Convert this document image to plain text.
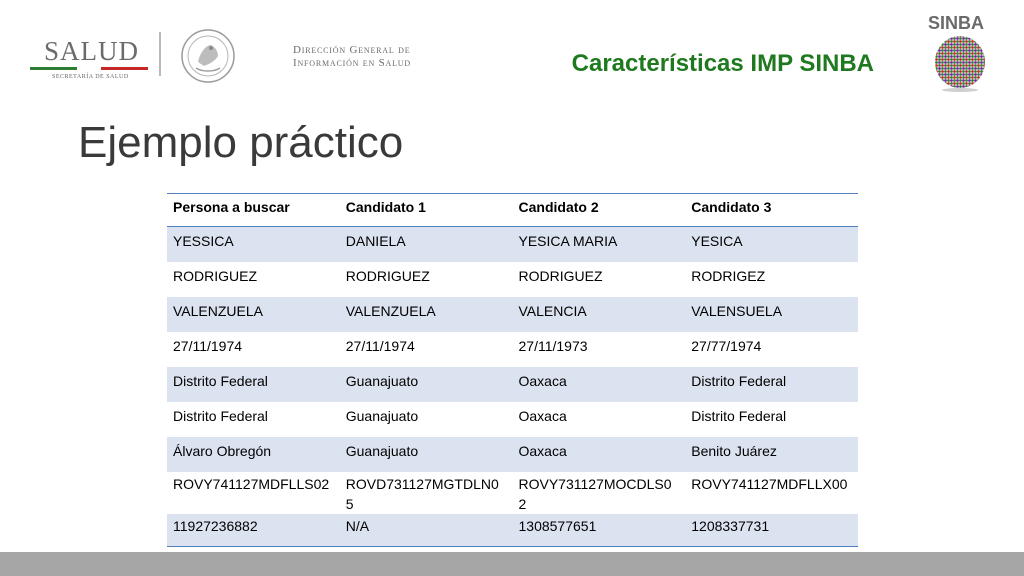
SALUD
SECRETARÍA DE SALUD
Dirección General de
Información en Salud	Características IMP SINBA
SINBA
Ejemplo práctico
Persona a buscar	Candidato 1	Candidato 2	Candidato 3
YESSICA	DANIELA	YESICA MARIA	YESICA
RODRIGUEZ	RODRIGUEZ	RODRIGUEZ	RODRIGEZ
VALENZUELA	VALENZUELA	VALENCIA	VALENSUELA
27/11/1974	27/11/1974	27/11/1973	27/77/1974
Distrito Federal	Guanajuato	Oaxaca	Distrito Federal
Distrito Federal	Guanajuato	Oaxaca	Distrito Federal
Álvaro Obregón	Guanajuato	Oaxaca	Benito Juárez
ROVY741127MDFLLS02	ROVD731127MGTDLN05	ROVY731127MOCDLS02	ROVY741127MDFLLX00
11927236882	N/A	1308577651	1208337731
